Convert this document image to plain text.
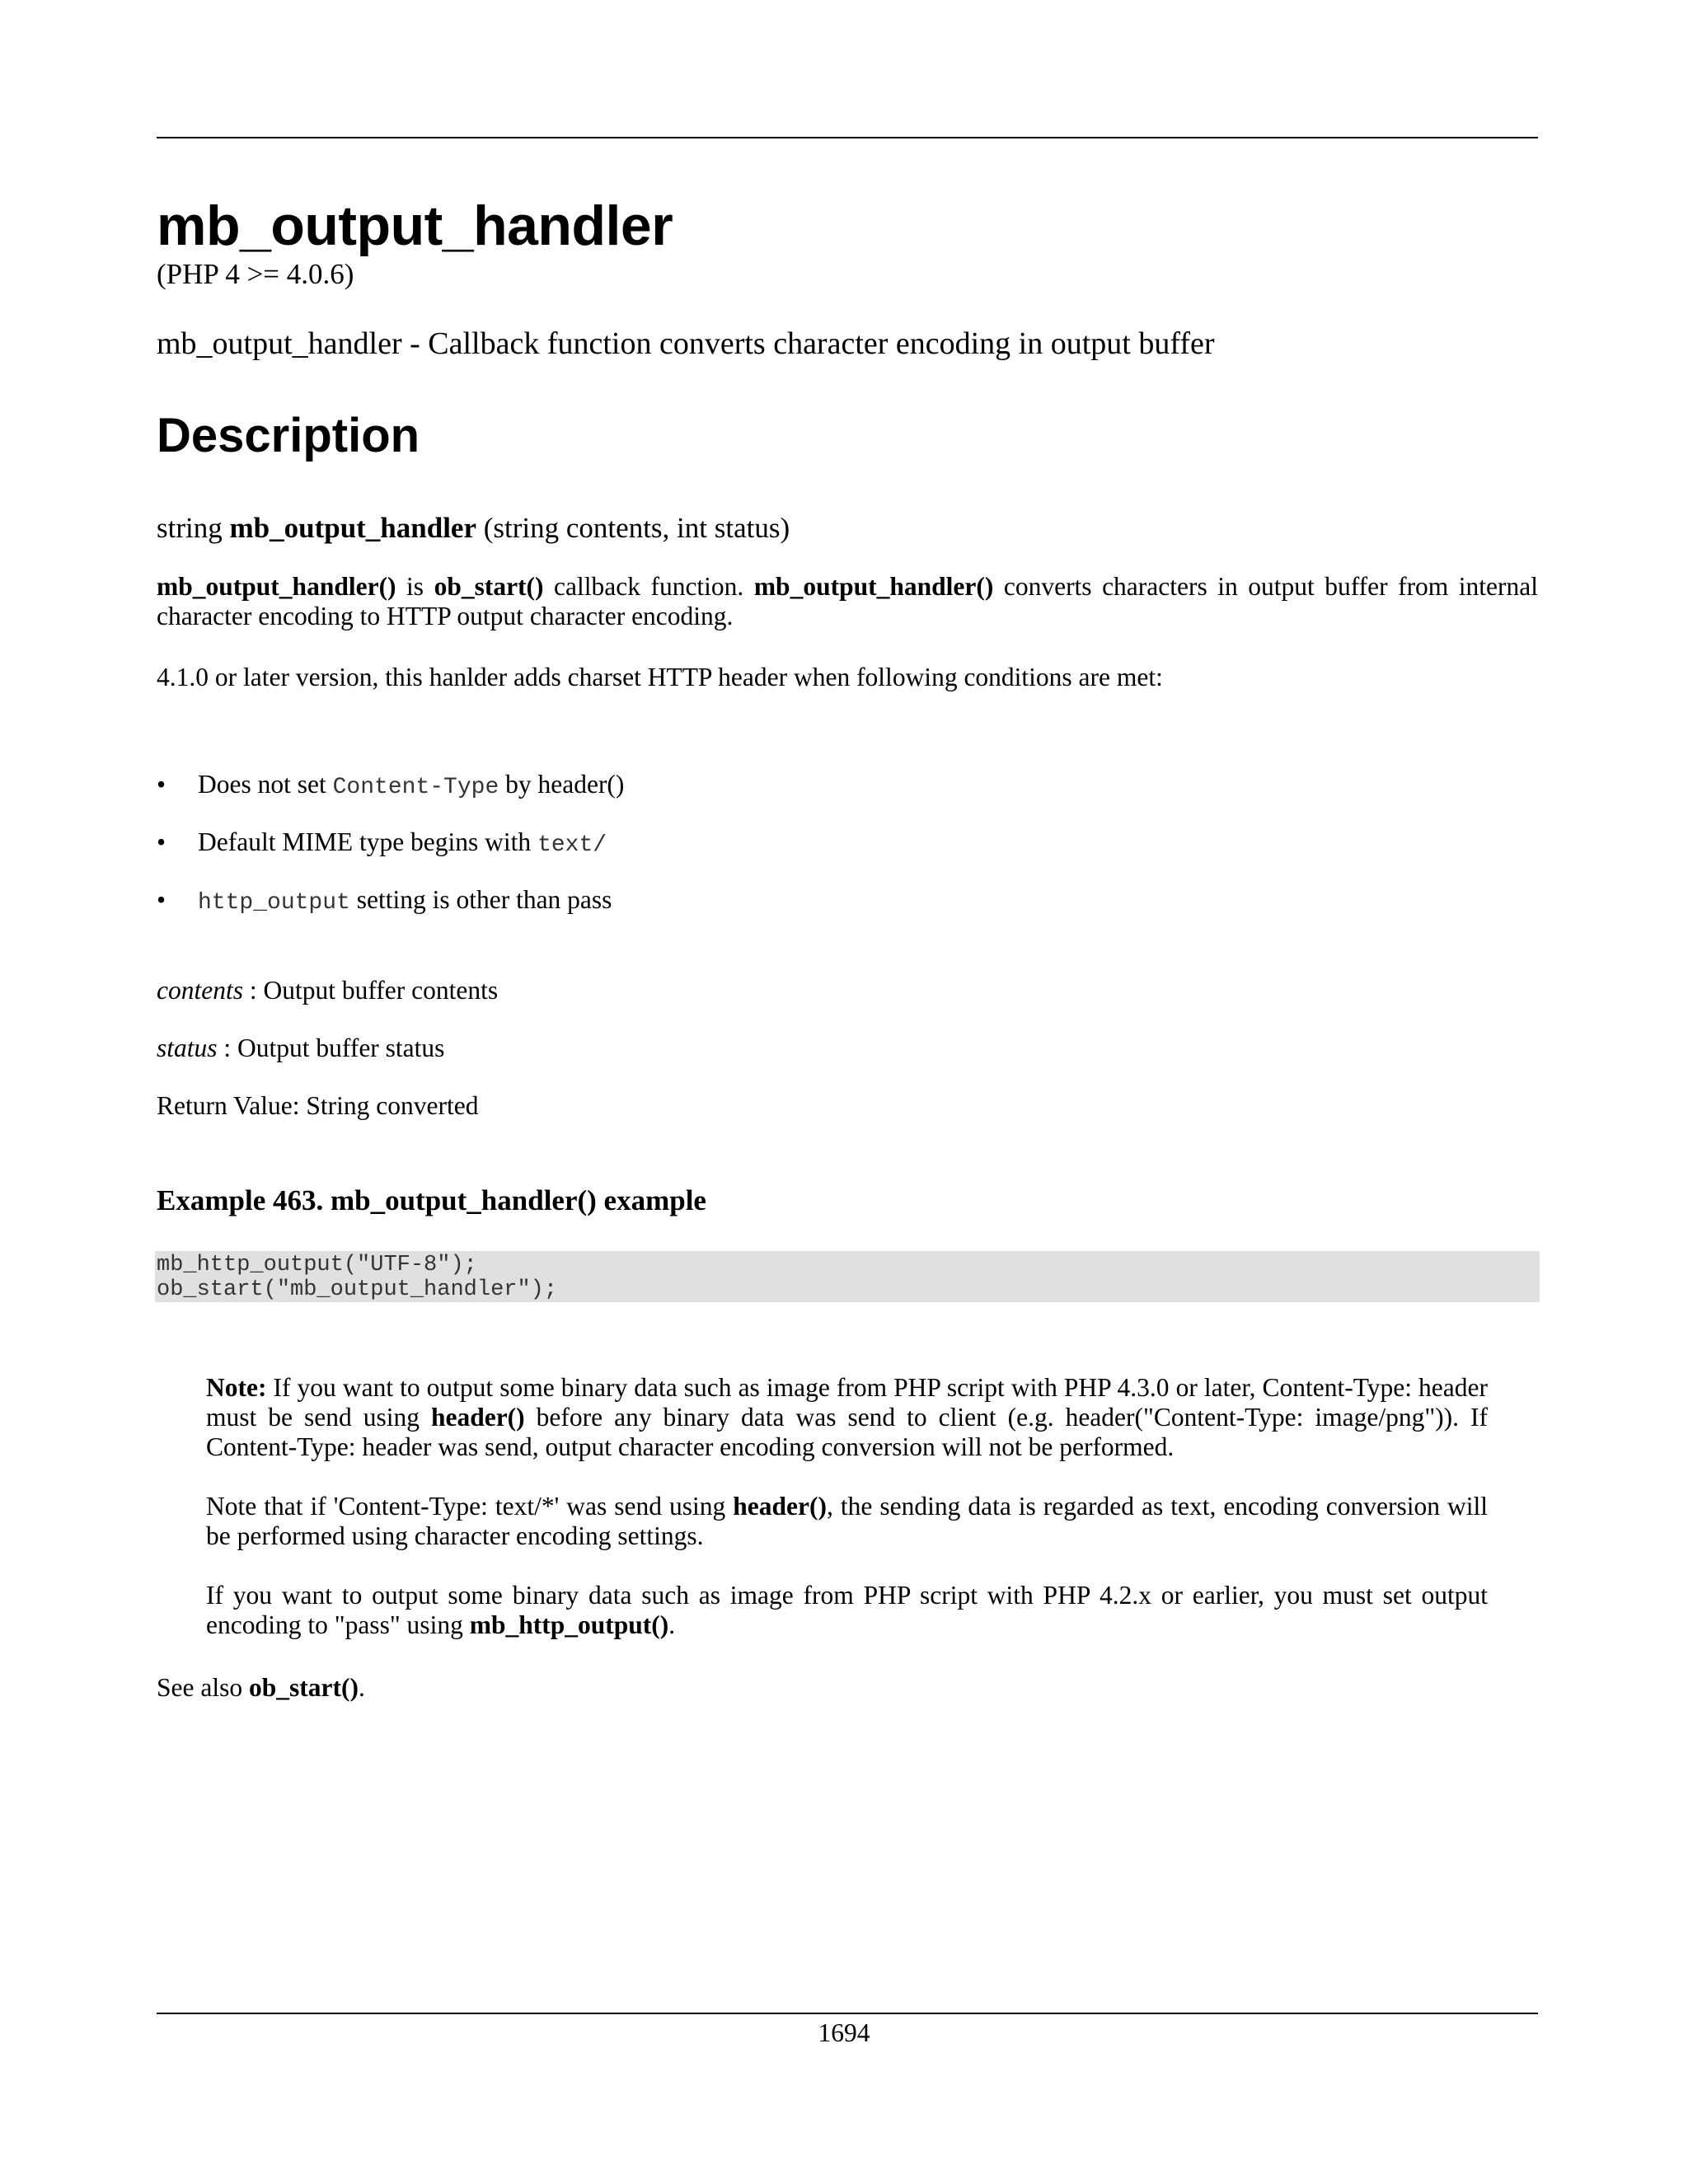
mb_output_handler
(PHP 4 >= 4.0.6)
mb_output_handler - Callback function converts character encoding in output buffer
Description
string mb_output_handler (string contents, int status)

mb_output_handler() is ob_start() callback function. mb_output_handler() converts characters in output buffer from internal character encoding to HTTP output character encoding.

4.1.0 or later version, this hanlder adds charset HTTP header when following conditions are met:

• Does not set Content-Type by header()
• Default MIME type begins with text/
• http_output setting is other than pass

contents : Output buffer contents

status : Output buffer status

Return Value: String converted

Example 463. mb_output_handler() example
mb_http_output("UTF-8");
ob_start("mb_output_handler");

Note: If you want to output some binary data such as image from PHP script with PHP 4.3.0 or later, Content-Type: header must be send using header() before any binary data was send to client (e.g. header("Content-Type: image/png")). If Content-Type: header was send, output character encoding conversion will not be performed.

Note that if 'Content-Type: text/*' was send using header(), the sending data is regarded as text, encoding conversion will be performed using character encoding settings.

If you want to output some binary data such as image from PHP script with PHP 4.2.x or earlier, you must set output encoding to "pass" using mb_http_output().

See also ob_start().

1694
